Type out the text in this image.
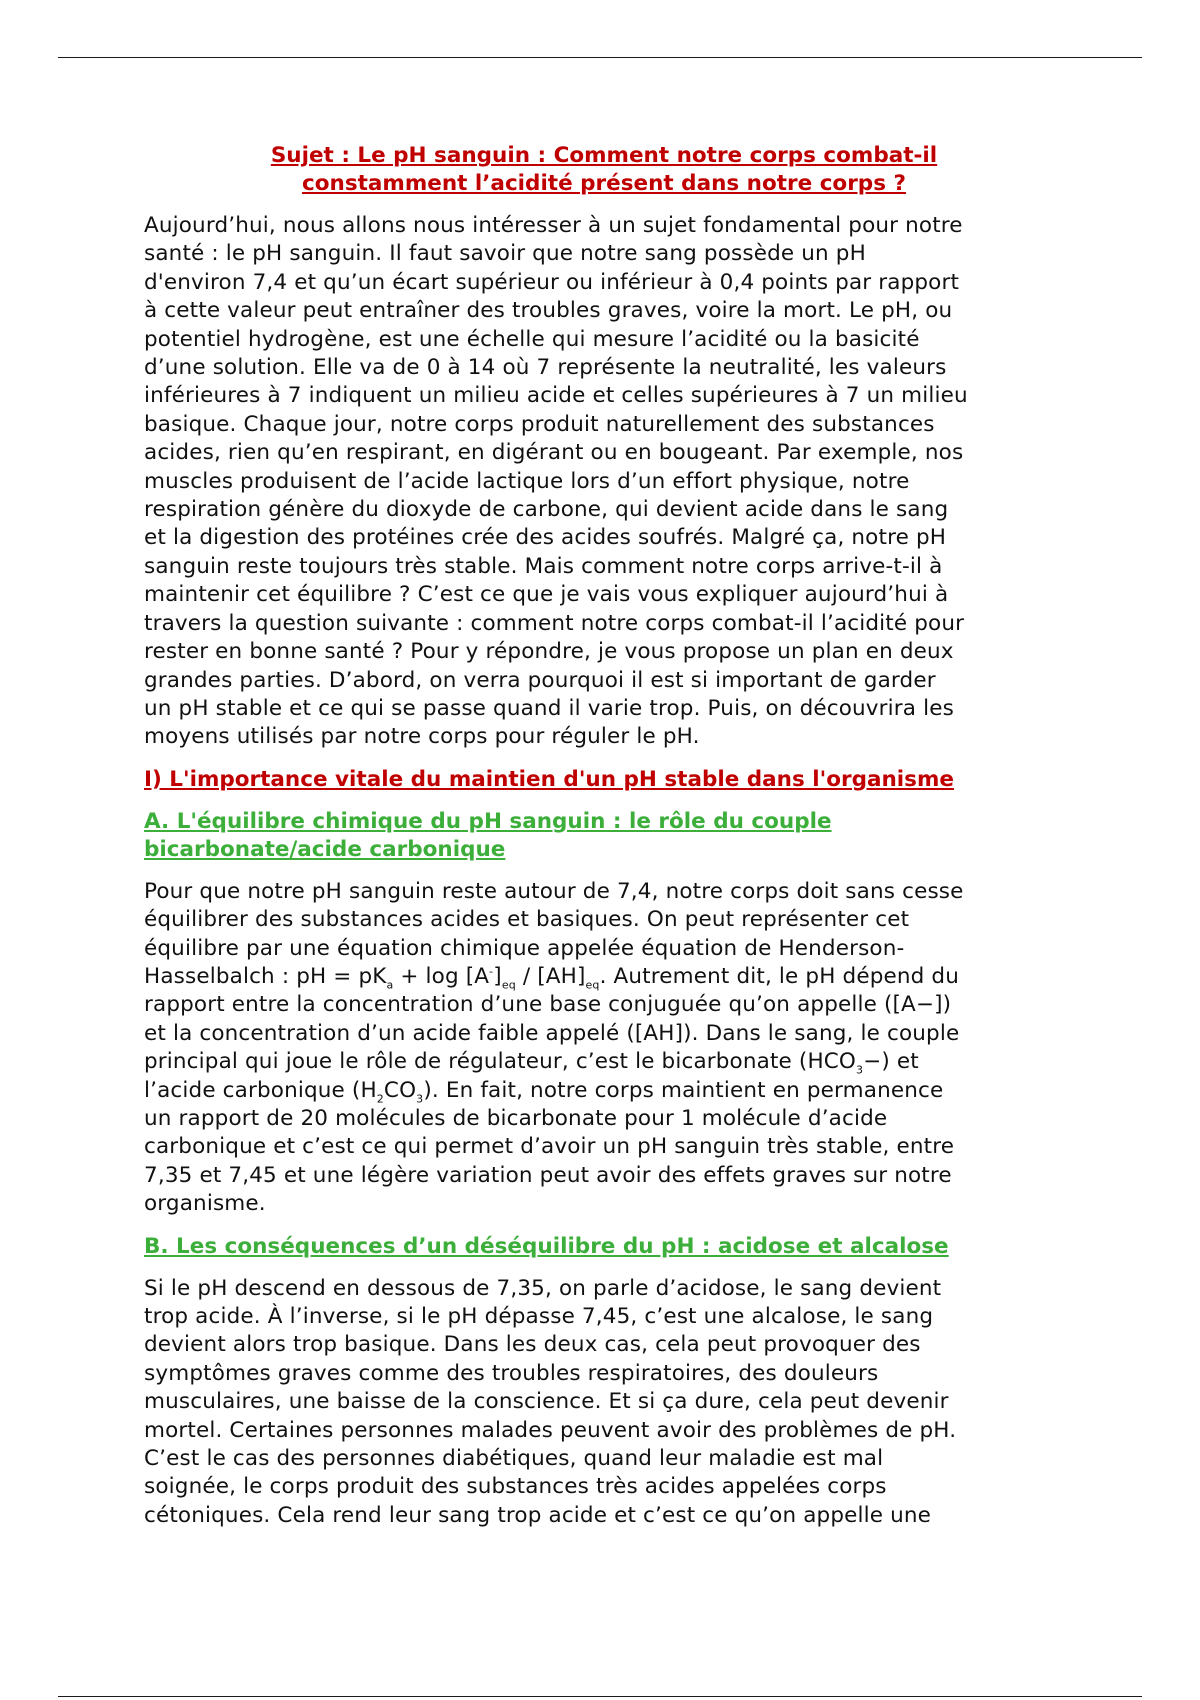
Sujet : Le pH sanguin : Comment notre corps combat-il
constamment l’acidité présent dans notre corps ?

Aujourd’hui, nous allons nous intéresser à un sujet fondamental pour notre
santé : le pH sanguin. Il faut savoir que notre sang possède un pH
d'environ 7,4 et qu’un écart supérieur ou inférieur à 0,4 points par rapport
à cette valeur peut entraîner des troubles graves, voire la mort. Le pH, ou
potentiel hydrogène, est une échelle qui mesure l’acidité ou la basicité
d’une solution. Elle va de 0 à 14 où 7 représente la neutralité, les valeurs
inférieures à 7 indiquent un milieu acide et celles supérieures à 7 un milieu
basique. Chaque jour, notre corps produit naturellement des substances
acides, rien qu’en respirant, en digérant ou en bougeant. Par exemple, nos
muscles produisent de l’acide lactique lors d’un effort physique, notre
respiration génère du dioxyde de carbone, qui devient acide dans le sang
et la digestion des protéines crée des acides soufrés. Malgré ça, notre pH
sanguin reste toujours très stable. Mais comment notre corps arrive-t-il à
maintenir cet équilibre ? C’est ce que je vais vous expliquer aujourd’hui à
travers la question suivante : comment notre corps combat-il l’acidité pour
rester en bonne santé ? Pour y répondre, je vous propose un plan en deux
grandes parties. D’abord, on verra pourquoi il est si important de garder
un pH stable et ce qui se passe quand il varie trop. Puis, on découvrira les
moyens utilisés par notre corps pour réguler le pH.

I) L'importance vitale du maintien d'un pH stable dans l'organisme
A. L'équilibre chimique du pH sanguin : le rôle du couple
bicarbonate/acide carbonique

Pour que notre pH sanguin reste autour de 7,4, notre corps doit sans cesse
équilibrer des substances acides et basiques. On peut représenter cet
équilibre par une équation chimique appelée équation de Henderson-
Hasselbalch : pH = $pK_a + \log [A^-]_{eq} / [AH]_{eq}$. Autrement dit, le pH dépend du
rapport entre la concentration d’une base conjuguée qu’on appelle ([A−])
et la concentration d’un acide faible appelé ([AH]). Dans le sang, le couple
principal qui joue le rôle de régulateur, c’est le bicarbonate $(HCO_3-)$ et
l’acide carbonique $(H_2CO_3)$. En fait, notre corps maintient en permanence
un rapport de 20 molécules de bicarbonate pour 1 molécule d’acide
carbonique et c’est ce qui permet d’avoir un pH sanguin très stable, entre
7,35 et 7,45 et une légère variation peut avoir des effets graves sur notre
organisme.

B. Les conséquences d’un déséquilibre du pH : acidose et alcalose

Si le pH descend en dessous de 7,35, on parle d’acidose, le sang devient
trop acide. À l’inverse, si le pH dépasse 7,45, c’est une alcalose, le sang
devient alors trop basique. Dans les deux cas, cela peut provoquer des
symptômes graves comme des troubles respiratoires, des douleurs
musculaires, une baisse de la conscience. Et si ça dure, cela peut devenir
mortel. Certaines personnes malades peuvent avoir des problèmes de pH.
C’est le cas des personnes diabétiques, quand leur maladie est mal
soignée, le corps produit des substances très acides appelées corps
cétoniques. Cela rend leur sang trop acide et c’est ce qu’on appelle une
